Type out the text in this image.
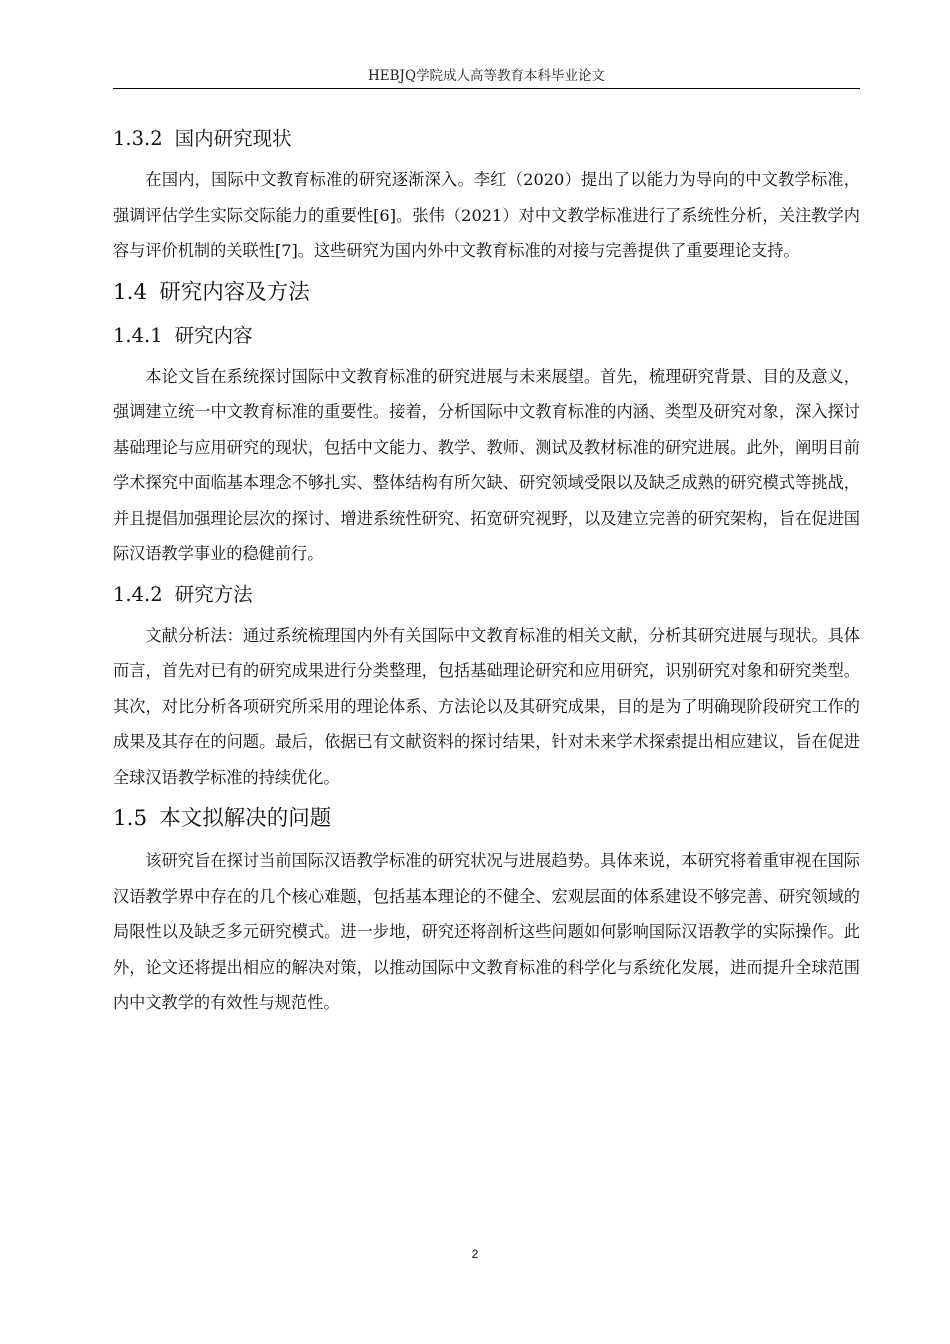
HEBJQ学院成人高等教育本科毕业论文
1.3.2 国内研究现状

在国内，国际中文教育标准的研究逐渐深入。李红（2020）提出了以能力为导向的中文教学标准，强调评估学生实际交际能力的重要性[6]。张伟（2021）对中文教学标准进行了系统性分析，关注教学内容与评价机制的关联性[7]。这些研究为国内外中文教育标准的对接与完善提供了重要理论支持。

1.4 研究内容及方法
1.4.1 研究内容

本论文旨在系统探讨国际中文教育标准的研究进展与未来展望。首先，梳理研究背景、目的及意义，强调建立统一中文教育标准的重要性。接着，分析国际中文教育标准的内涵、类型及研究对象，深入探讨基础理论与应用研究的现状，包括中文能力、教学、教师、测试及教材标准的研究进展。此外，阐明目前学术探究中面临基本理念不够扎实、整体结构有所欠缺、研究领域受限以及缺乏成熟的研究模式等挑战，并且提倡加强理论层次的探讨、增进系统性研究、拓宽研究视野，以及建立完善的研究架构，旨在促进国际汉语教学事业的稳健前行。

1.4.2 研究方法

文献分析法：通过系统梳理国内外有关国际中文教育标准的相关文献，分析其研究进展与现状。具体而言，首先对已有的研究成果进行分类整理，包括基础理论研究和应用研究，识别研究对象和研究类型。其次，对比分析各项研究所采用的理论体系、方法论以及其研究成果，目的是为了明确现阶段研究工作的成果及其存在的问题。最后，依据已有文献资料的探讨结果，针对未来学术探索提出相应建议，旨在促进全球汉语教学标准的持续优化。

1.5 本文拟解决的问题

该研究旨在探讨当前国际汉语教学标准的研究状况与进展趋势。具体来说，本研究将着重审视在国际汉语教学界中存在的几个核心难题，包括基本理论的不健全、宏观层面的体系建设不够完善、研究领域的局限性以及缺乏多元研究模式。进一步地，研究还将剖析这些问题如何影响国际汉语教学的实际操作。此外，论文还将提出相应的解决对策，以推动国际中文教育标准的科学化与系统化发展，进而提升全球范围内中文教学的有效性与规范性。

2
